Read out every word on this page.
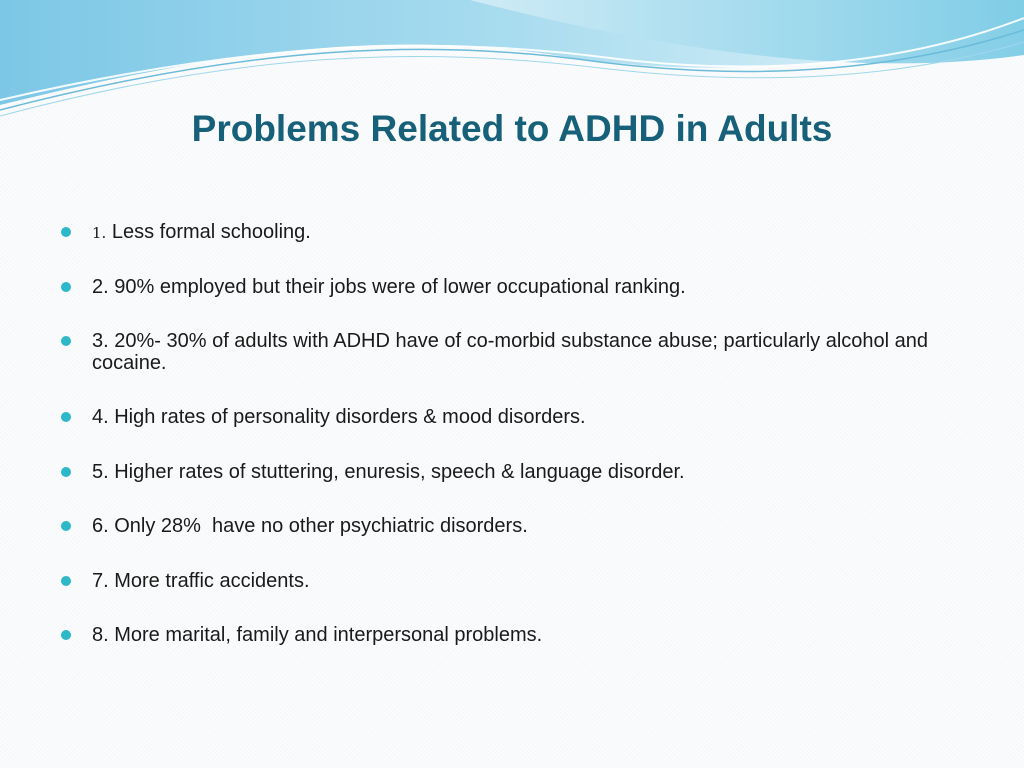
Problems Related to ADHD in Adults
1. Less formal schooling.
2. 90% employed but their jobs were of lower occupational ranking.
3. 20%- 30% of adults with ADHD have of co-morbid substance abuse; particularly alcohol and cocaine.
4. High rates of personality disorders & mood disorders.
5. Higher rates of stuttering, enuresis, speech & language disorder.
6. Only 28%  have no other psychiatric disorders.
7. More traffic accidents.
8. More marital, family and interpersonal problems.
